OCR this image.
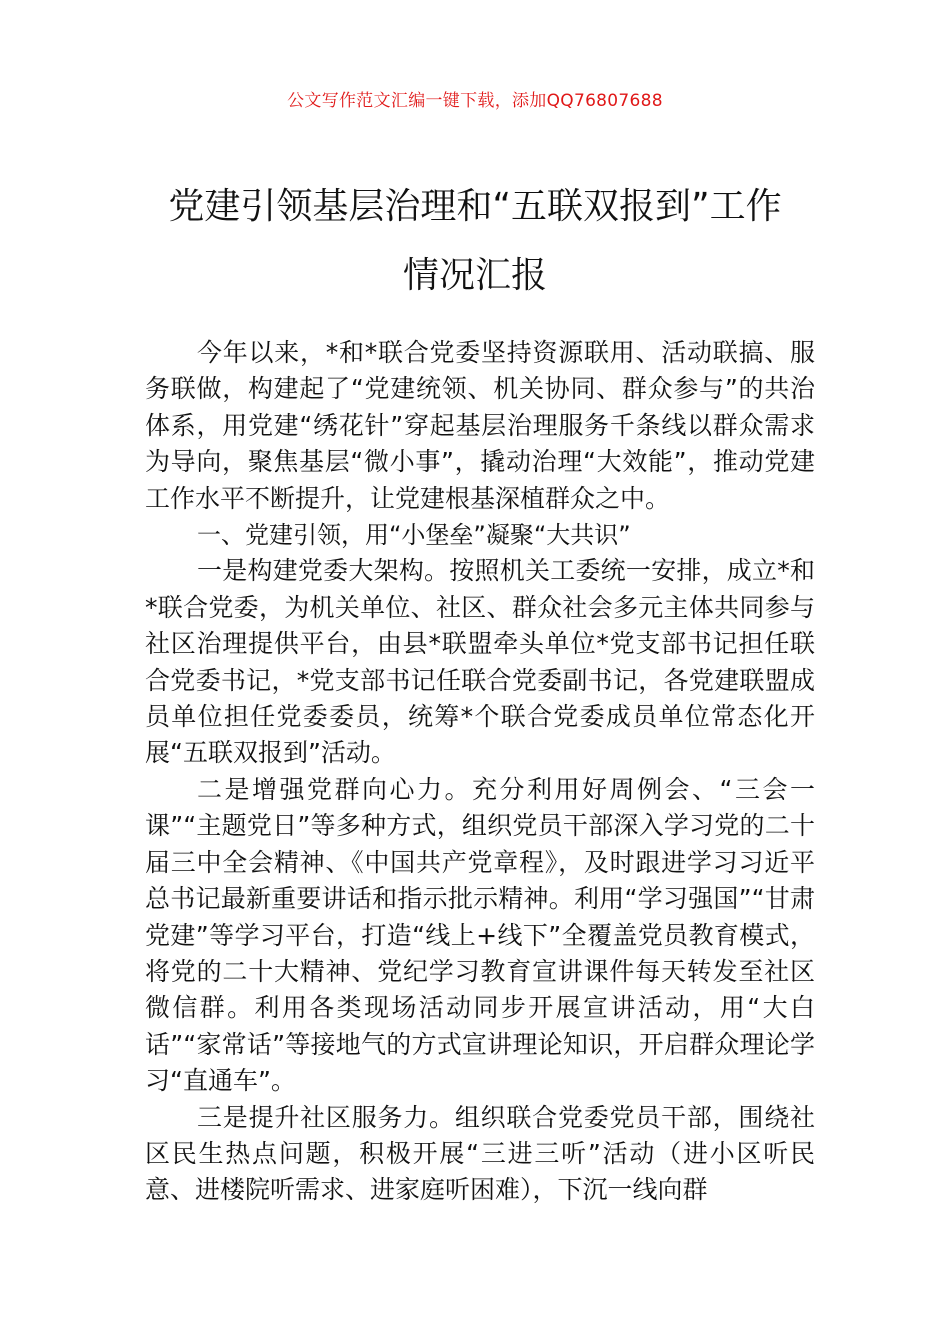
公文写作范文汇编一键下载，添加QQ76807688
党建引领基层治理和“五联双报到”工作
情况汇报

今年以来，*和*联合党委坚持资源联用、活动联搞、服务联做，构建起了“党建统领、机关协同、群众参与”的共治体系，用党建“绣花针”穿起基层治理服务千条线以群众需求为导向，聚焦基层“微小事”，撬动治理“大效能”，推动党建工作水平不断提升，让党建根基深植群众之中。

一、党建引领，用“小堡垒”凝聚“大共识”

一是构建党委大架构。按照机关工委统一安排，成立*和*联合党委，为机关单位、社区、群众社会多元主体共同参与社区治理提供平台，由县*联盟牵头单位*党支部书记担任联合党委书记，*党支部书记任联合党委副书记，各党建联盟成员单位担任党委委员，统筹*个联合党委成员单位常态化开展“五联双报到”活动。

二是增强党群向心力。充分利用好周例会、“三会一课”“主题党日”等多种方式，组织党员干部深入学习党的二十届三中全会精神、《中国共产党章程》，及时跟进学习习近平总书记最新重要讲话和指示批示精神。利用“学习强国”“甘肃党建”等学习平台，打造“线上+线下”全覆盖党员教育模式，将党的二十大精神、党纪学习教育宣讲课件每天转发至社区微信群。利用各类现场活动同步开展宣讲活动，用“大白话”“家常话”等接地气的方式宣讲理论知识，开启群众理论学习“直通车”。

三是提升社区服务力。组织联合党委党员干部，围绕社区民生热点问题，积极开展“三进三听”活动（进小区听民意、进楼院听需求、进家庭听困难），下沉一线向群
